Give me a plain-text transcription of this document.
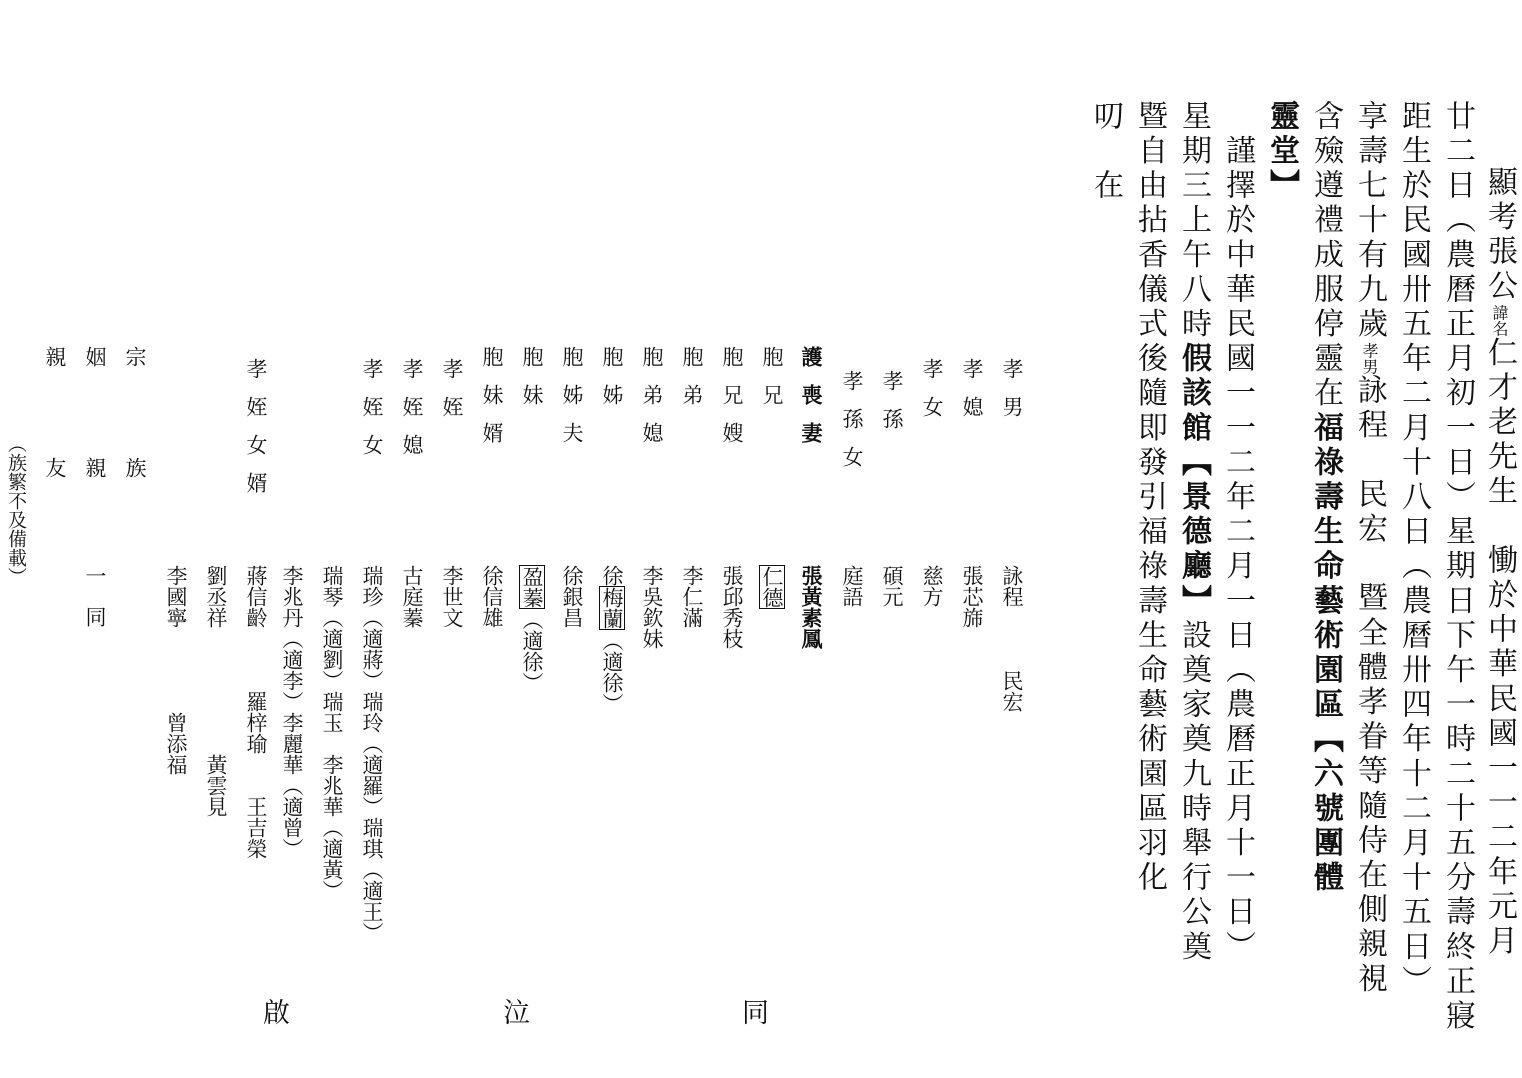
顯考張公諱名仁才老先生　慟於中華民國一一二年元月
廿二日（農曆正月初一日）星期日下午一時二十五分壽終正寢
距生於民國卅五年二月十八日（農曆卅四年十二月十五日）
享壽七十有九歲孝男詠程　民宏　暨全體孝眷等隨侍在側親視
含殮遵禮成服停靈在福祿壽生命藝術園區【六號團體
靈堂】
　謹擇於中華民國一一二年二月一日（農曆正月十一日）
星期三上午八時假該館【景德廳】設奠家奠九時舉行公奠
暨自由拈香儀式後隨即發引福祿壽生命藝術園區羽化
叨　在
孝男
詠程　　　民宏
孝媳
張芯旆
孝女
慈方
孝孫
碩元
孝孫女
庭語
護喪妻
張黃素鳳
胞兄
仁德
胞兄嫂
張邱秀枝
胞弟
李仁滿
胞弟媳
李吳欽妹
胞姊
徐梅蘭（適徐）
胞姊夫
徐銀昌
胞妹
盈蓁（適徐）
胞妹婿
徐信雄
孝姪
李世文
孝姪媳
古庭蓁
孝姪女
瑞珍（適蔣）瑞玲（適羅）瑞琪（適王）
瑞琴（適劉）瑞玉　李兆華（適黃）
李兆丹（適李）李麗華（適曾）
孝姪女婿
蔣信齡　　　羅梓瑜　　王吉榮
劉丞祥　　　　　　黃雲見
李國寧　　　　曾添福
宗族
姻親
一同
親友
（族繁不及備載）
同
泣
啟
